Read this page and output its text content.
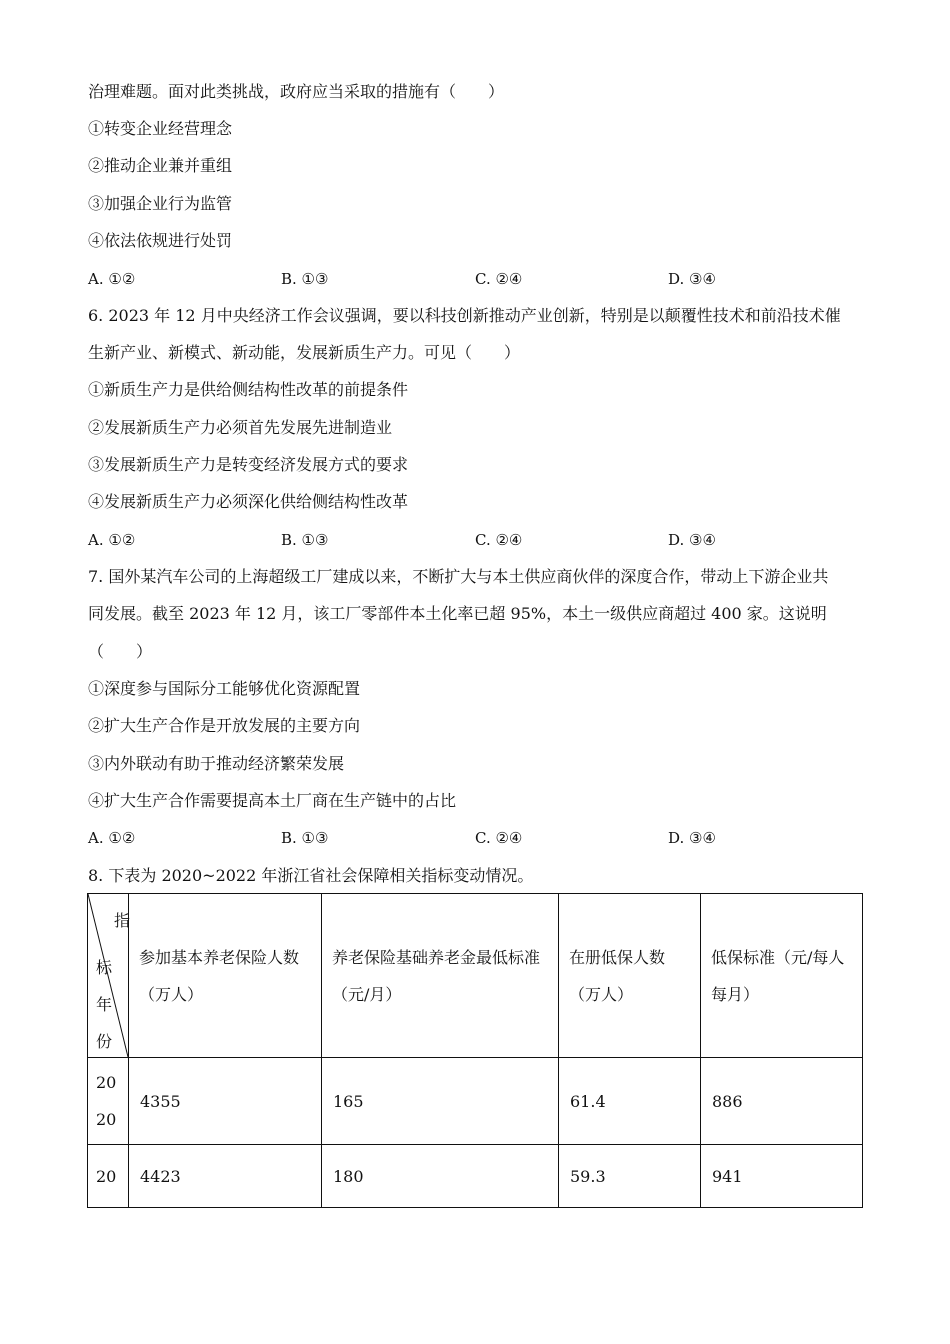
治理难题。面对此类挑战，政府应当采取的措施有（　　）
①转变企业经营理念
②推动企业兼并重组
③加强企业行为监管
④依法依规进行处罚
A. ①②	B. ①③	C. ②④	D. ③④
6. 2023 年 12 月中央经济工作会议强调，要以科技创新推动产业创新，特别是以颠覆性技术和前沿技术催
生新产业、新模式、新动能，发展新质生产力。可见（　　）
①新质生产力是供给侧结构性改革的前提条件
②发展新质生产力必须首先发展先进制造业
③发展新质生产力是转变经济发展方式的要求
④发展新质生产力必须深化供给侧结构性改革
A. ①②	B. ①③	C. ②④	D. ③④
7. 国外某汽车公司的上海超级工厂建成以来，不断扩大与本土供应商伙伴的深度合作，带动上下游企业共
同发展。截至 2023 年 12 月，该工厂零部件本土化率已超 95%，本土一级供应商超过 400 家。这说明
（　　）
①深度参与国际分工能够优化资源配置
②扩大生产合作是开放发展的主要方向
③内外联动有助于推动经济繁荣发展
④扩大生产合作需要提高本土厂商在生产链中的占比
A. ①②	B. ①③	C. ②④	D. ③④
8. 下表为 2020~2022 年浙江省社会保障相关指标变动情况。
指
标年份	参加基本养老保险人数（万人）	养老保险基础养老金最低标准（元/月）	在册低保人数（万人）	低保标准（元/每人每月）

2020	4355	165	61.4	886

20	4423	180	59.3	941
